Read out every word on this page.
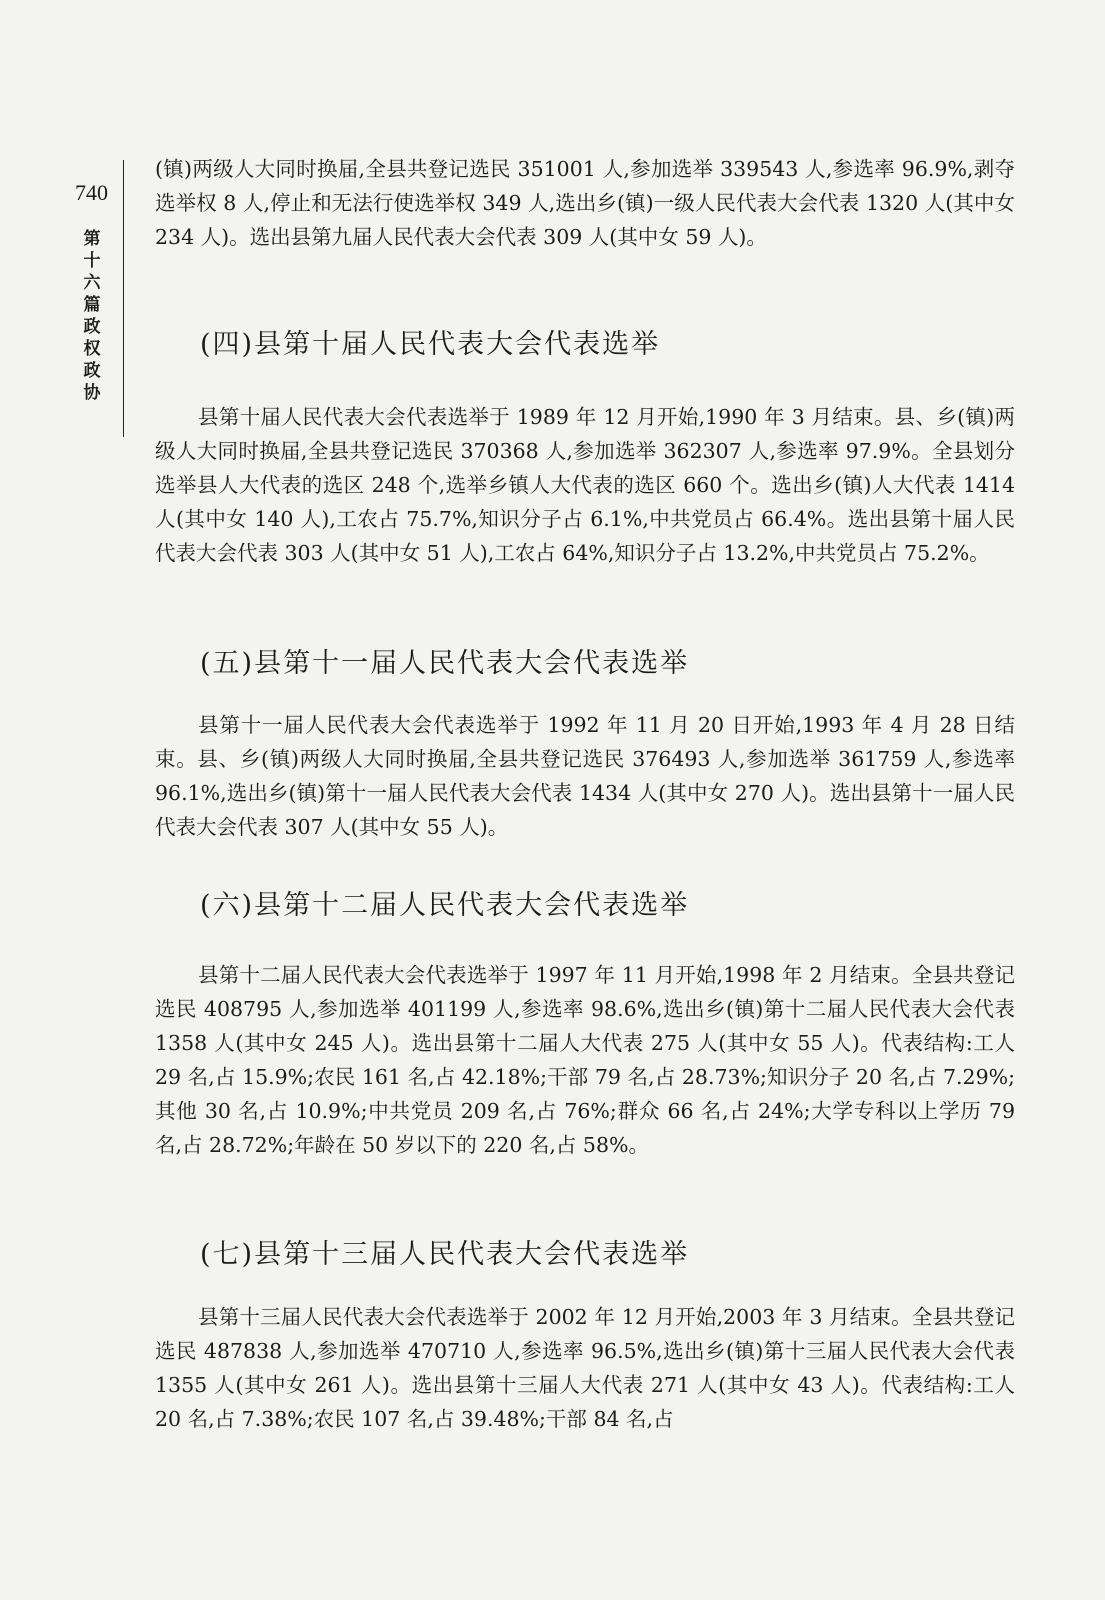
740
第十六篇 政权 政协

(镇)两级人大同时换届,全县共登记选民 351001 人,参加选举 339543 人,参选率 96.9%,剥夺选举权 8 人,停止和无法行使选举权 349 人,选出乡(镇)一级人民代表大会代表 1320 人(其中女 234 人)。选出县第九届人民代表大会代表 309 人(其中女 59 人)。

(四)县第十届人民代表大会代表选举

县第十届人民代表大会代表选举于 1989 年 12 月开始,1990 年 3 月结束。县、乡(镇)两级人大同时换届,全县共登记选民 370368 人,参加选举 362307 人,参选率 97.9%。全县划分选举县人大代表的选区 248 个,选举乡镇人大代表的选区 660 个。选出乡(镇)人大代表 1414 人(其中女 140 人),工农占 75.7%,知识分子占 6.1%,中共党员占 66.4%。选出县第十届人民代表大会代表 303 人(其中女 51 人),工农占 64%,知识分子占 13.2%,中共党员占 75.2%。

(五)县第十一届人民代表大会代表选举

县第十一届人民代表大会代表选举于 1992 年 11 月 20 日开始,1993 年 4 月 28 日结束。县、乡(镇)两级人大同时换届,全县共登记选民 376493 人,参加选举 361759 人,参选率 96.1%,选出乡(镇)第十一届人民代表大会代表 1434 人(其中女 270 人)。选出县第十一届人民代表大会代表 307 人(其中女 55 人)。

(六)县第十二届人民代表大会代表选举

县第十二届人民代表大会代表选举于 1997 年 11 月开始,1998 年 2 月结束。全县共登记选民 408795 人,参加选举 401199 人,参选率 98.6%,选出乡(镇)第十二届人民代表大会代表 1358 人(其中女 245 人)。选出县第十二届人大代表 275 人(其中女 55 人)。代表结构:工人 29 名,占 15.9%;农民 161 名,占 42.18%;干部 79 名,占 28.73%;知识分子 20 名,占 7.29%;其他 30 名,占 10.9%;中共党员 209 名,占 76%;群众 66 名,占 24%;大学专科以上学历 79 名,占 28.72%;年龄在 50 岁以下的 220 名,占 58%。

(七)县第十三届人民代表大会代表选举

县第十三届人民代表大会代表选举于 2002 年 12 月开始,2003 年 3 月结束。全县共登记选民 487838 人,参加选举 470710 人,参选率 96.5%,选出乡(镇)第十三届人民代表大会代表 1355 人(其中女 261 人)。选出县第十三届人大代表 271 人(其中女 43 人)。代表结构:工人 20 名,占 7.38%;农民 107 名,占 39.48%;干部 84 名,占
